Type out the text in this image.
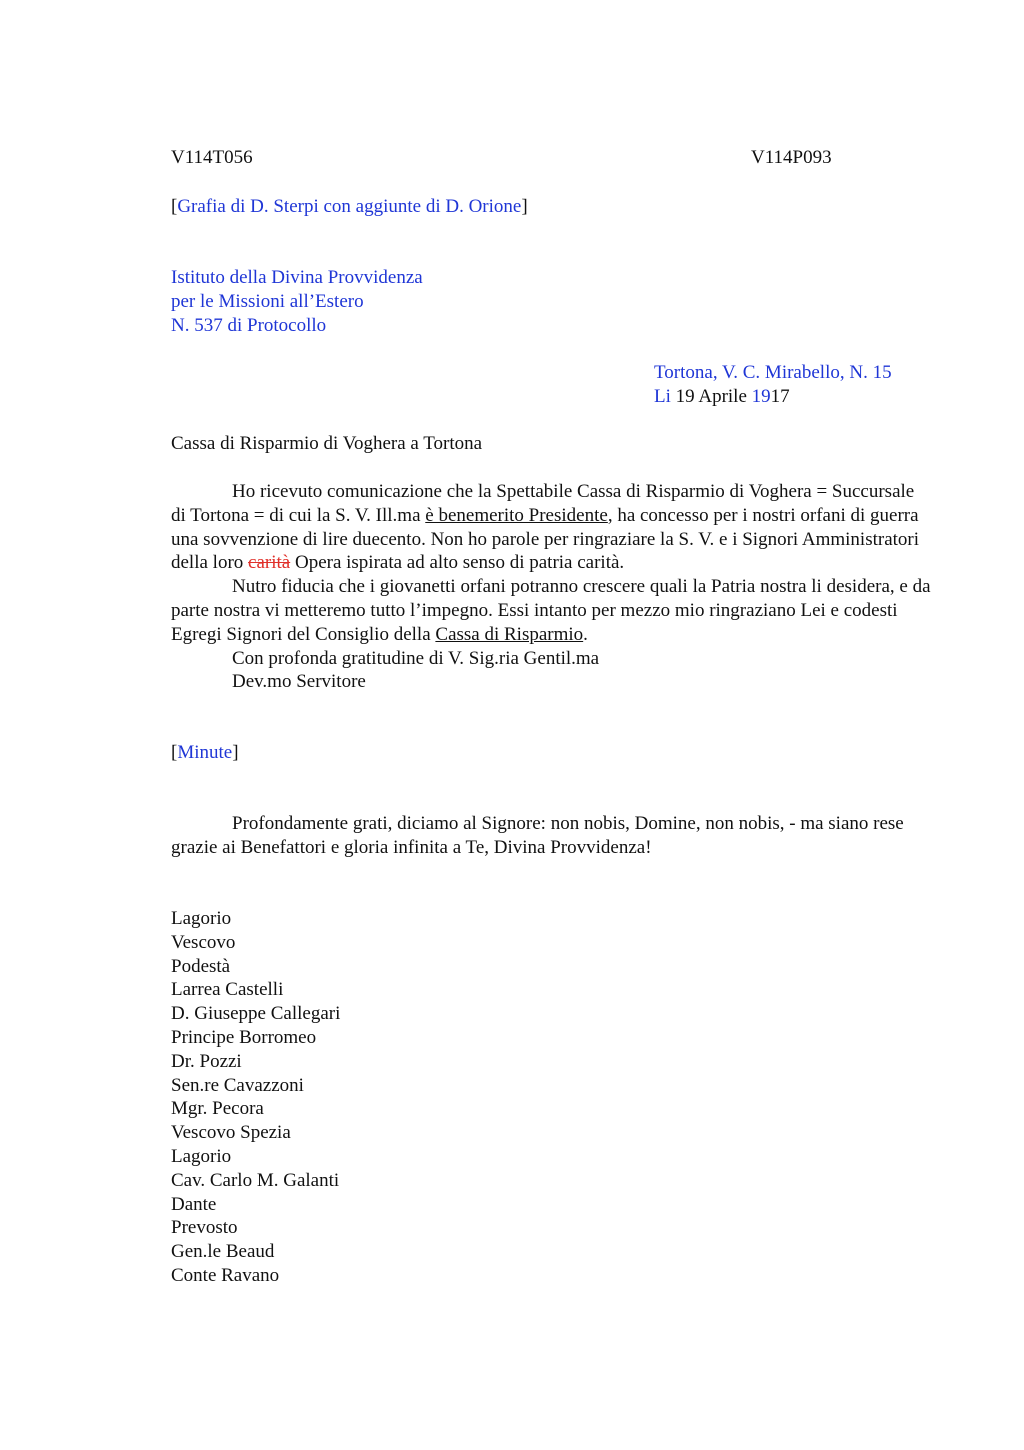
V114T056	V114P093
[Grafia di D. Sterpi con aggiunte di D. Orione]
Istituto della Divina Provvidenza
per le Missioni all’Estero
N. 537 di Protocollo
Tortona, V. C. Mirabello, N. 15
Li 19 Aprile 1917
Cassa di Risparmio di Voghera a Tortona
Ho ricevuto comunicazione che la Spettabile Cassa di Risparmio di Voghera = Succursale di Tortona = di cui la S. V. Ill.ma è benemerito Presidente, ha concesso per i nostri orfani di guerra una sovvenzione di lire duecento. Non ho parole per ringraziare la S. V. e i Signori Amministratori della loro carità Opera ispirata ad alto senso di patria carità.
Nutro fiducia che i giovanetti orfani potranno crescere quali la Patria nostra li desidera, e da parte nostra vi metteremo tutto l’impegno. Essi intanto per mezzo mio ringraziano Lei e codesti Egregi Signori del Consiglio della Cassa di Risparmio.
Con profonda gratitudine di V. Sig.ria Gentil.ma
Dev.mo Servitore
[Minute]
Profondamente grati, diciamo al Signore: non nobis, Domine, non nobis, - ma siano rese grazie ai Benefattori e gloria infinita a Te, Divina Provvidenza!
Lagorio
Vescovo
Podestà
Larrea Castelli
D. Giuseppe Callegari
Principe Borromeo
Dr. Pozzi
Sen.re Cavazzoni
Mgr. Pecora
Vescovo Spezia
Lagorio
Cav. Carlo M. Galanti
Dante
Prevosto
Gen.le Beaud
Conte Ravano
